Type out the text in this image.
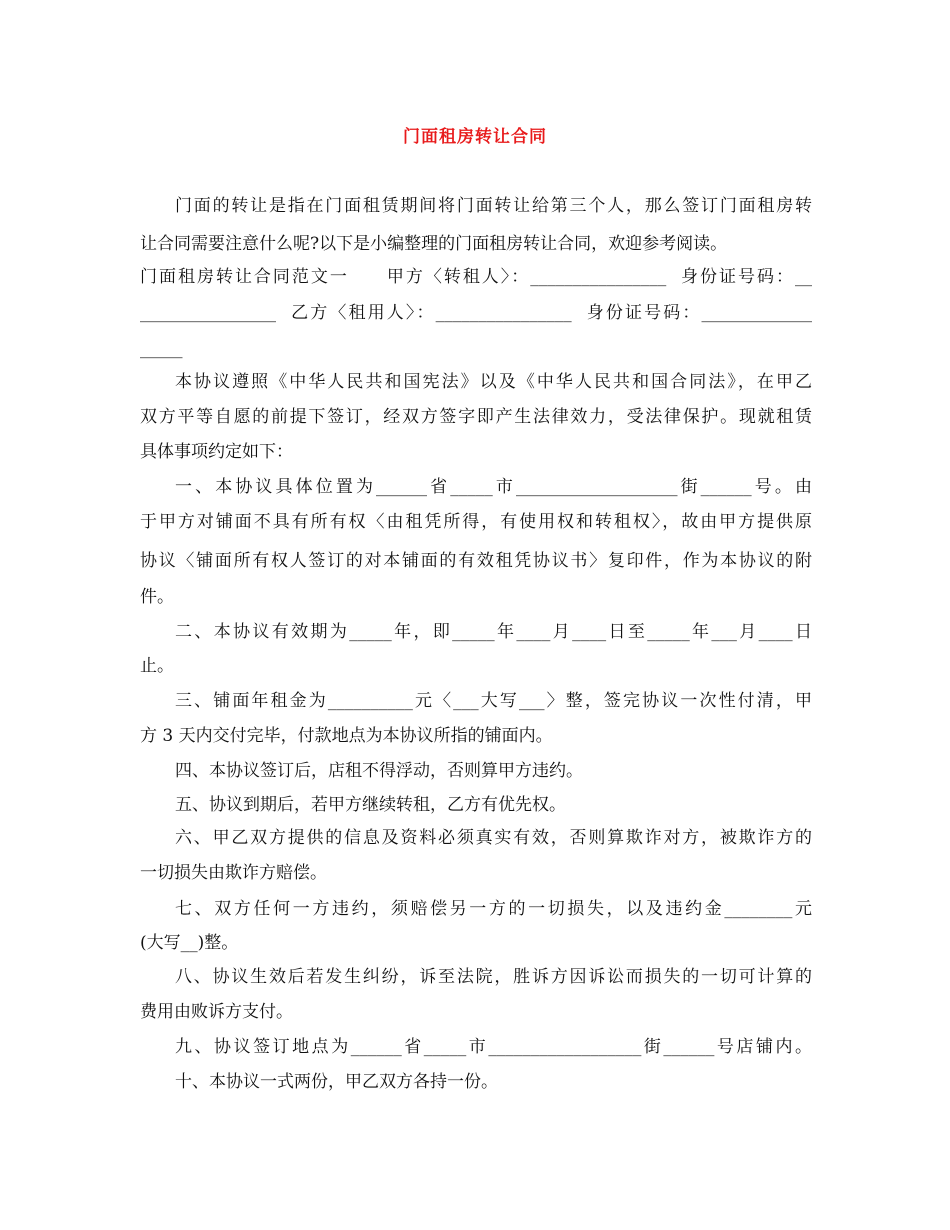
门面租房转让合同
门面的转让是指在门面租赁期间将门面转让给第三个人，那么签订门面租房转
让合同需要注意什么呢?以下是小编整理的门面租房转让合同，欢迎参考阅读。
门面租房转让合同范文一　　甲方〈转租人〉：________________  身份证号码：__
________________  乙方〈租用人〉：________________  身份证号码：_____________
_____
本协议遵照《中华人民共和国宪法》以及《中华人民共和国合同法》，在甲乙
双方平等自愿的前提下签订，经双方签字即产生法律效力，受法律保护。现就租赁
具体事项约定如下：
一、本协议具体位置为______省_____市___________________街______号。由
于甲方对铺面不具有所有权〈由租凭所得，有使用权和转租权〉，故由甲方提供原
协议〈铺面所有权人签订的对本铺面的有效租凭协议书〉复印件，作为本协议的附
件。
二、本协议有效期为_____年，即_____年____月____日至_____年___月____日
止。
三、铺面年租金为__________元〈___大写___〉整，签完协议一次性付清，甲
方 3 天内交付完毕，付款地点为本协议所指的铺面内。
四、本协议签订后，店租不得浮动，否则算甲方违约。
五、协议到期后，若甲方继续转租，乙方有优先权。
六、甲乙双方提供的信息及资料必须真实有效，否则算欺诈对方，被欺诈方的
一切损失由欺诈方赔偿。
七、双方任何一方违约，须赔偿另一方的一切损失，以及违约金________元
(大写__)整。
八、协议生效后若发生纠纷，诉至法院，胜诉方因诉讼而损失的一切可计算的
费用由败诉方支付。
九、协议签订地点为______省_____市__________________街______号店铺内。
十、本协议一式两份，甲乙双方各持一份。
